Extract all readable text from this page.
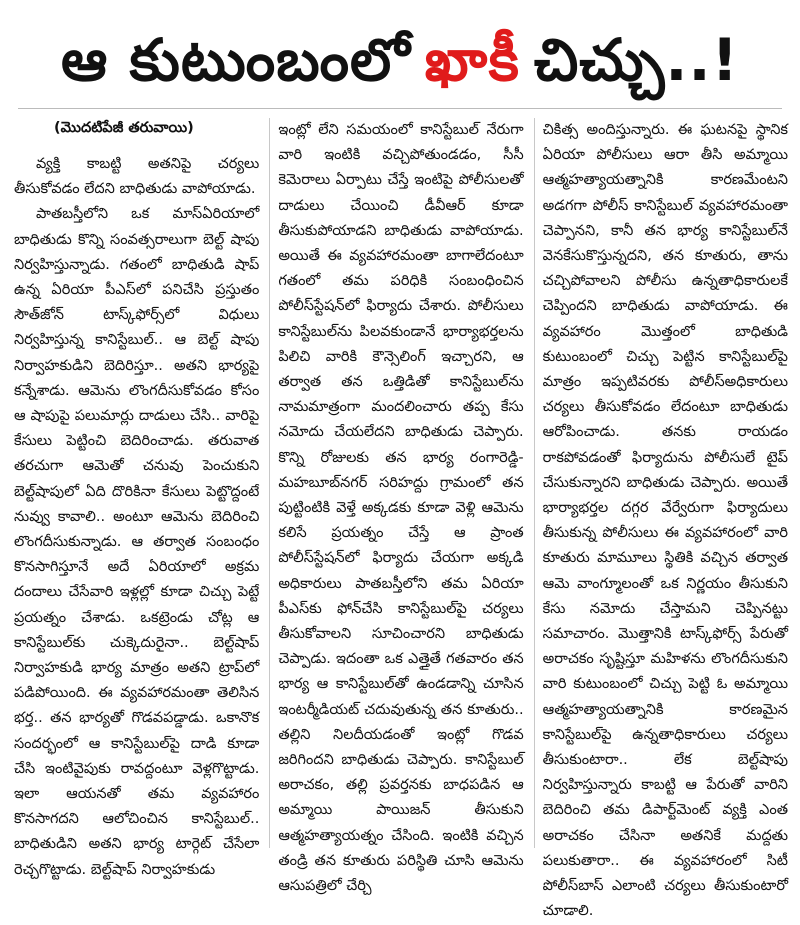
ఆ కుటుంబంలో ఖాకీ చిచ్చు..!

(మొదటిపేజీ తరువాయి)

వ్యక్తి కాబట్టి అతనిపై చర్యలు తీసుకోవడం లేదని బాధితుడు వాపోయాడు.

పాతబస్తీలోని ఒక మాస్‌ఏరియాలో బాధితుడు కొన్ని సంవత్సరాలుగా బెల్ట్‌ షాపు నిర్వహిస్తున్నాడు. గతంలో బాధితుడి షాప్‌ ఉన్న ఏరియా పీఎస్‌లో పనిచేసి ప్రస్తుతం సౌత్‌జోన్‌ టాస్క్‌ఫోర్స్‌లో విధులు నిర్వహిస్తున్న కానిస్టేబుల్‌.. ఆ బెల్ట్‌ షాపు నిర్వాహకుడిని బెదిరిస్తూ.. అతని భార్యపై కన్నేశాడు. ఆమెను లొంగదీసుకోవడం కోసం ఆ షాపుపై పలుమార్లు దాడులు చేసి.. వారిపై కేసులు పెట్టించి బెదిరించాడు. తరువాత తరచుగా ఆమెతో చనువు పెంచుకుని బెల్ట్‌షాపులో ఏది దొరికినా కేసులు పెట్టొద్దంటే నువ్వు కావాలి.. అంటూ ఆమెను బెదిరించి లొంగదీసుకున్నాడు. ఆ తర్వాత సంబంధం కొనసాగిస్తూనే అదే ఏరియాలో అక్రమ దందాలు చేసేవారి ఇళ్లల్లో కూడా చిచ్చు పెట్టే ప్రయత్నం చేశాడు. ఒకట్రెండు చోట్ల ఆ కానిస్టేబుల్‌కు చుక్కెదురైనా.. బెల్ట్‌షాప్‌ నిర్వాహకుడి భార్య మాత్రం అతని ట్రాప్‌లో పడిపోయింది. ఈ వ్యవహారమంతా తెలిసిన భర్త.. తన భార్యతో గొడవపడ్డాడు. ఒకానొక సందర్భంలో ఆ కానిస్టేబుల్‌పై దాడి కూడా చేసి ఇంటివైపుకు రావద్దంటూ వెళ్లగొట్టాడు. ఇలా ఆయనతో తమ వ్యవహారం కొనసాగదని ఆలోచించిన కానిస్టేబుల్‌.. బాధితుడిని అతని భార్య టార్గెట్‌ చేసేలా రెచ్చగొట్టాడు. బెల్ట్‌షాప్‌ నిర్వాహకుడు

ఇంట్లో లేని సమయంలో కానిస్టేబుల్‌ నేరుగా వారి ఇంటికి వచ్చిపోతుండడం, సీసీ కెమెరాలు ఏర్పాటు చేస్తే ఇంటిపై పోలీసులతో దాడులు చేయించి డీవీఆర్‌ కూడా తీసుకుపోయాడని బాధితుడు వాపోయాడు. అయితే ఈ వ్యవహారమంతా బాగాలేదంటూ గతంలో తమ పరిధికి సంబంధించిన పోలీస్‌స్టేషన్‌లో ఫిర్యాదు చేశారు. పోలీసులు కానిస్టేబుల్‌ను పిలవకుండానే భార్యాభర్తలను పిలిచి వారికి కౌన్సెలింగ్‌ ఇచ్చారని, ఆ తర్వాత తన ఒత్తిడితో కానిస్టేబుల్‌ను నామమాత్రంగా మందలించారు తప్ప కేసు నమోదు చేయలేదని బాధితుడు చెప్పారు. కొన్ని రోజులకు తన భార్య రంగారెడ్డి-మహబూబ్‌నగర్‌ సరిహద్దు గ్రామంలో తన పుట్టింటికి వెళ్తే అక్కడకు కూడా వెళ్లి ఆమెను కలిసే ప్రయత్నం చేస్తే ఆ ప్రాంత పోలీస్‌స్టేషన్‌లో ఫిర్యాదు చేయగా అక్కడి అధికారులు పాతబస్తీలోని తమ ఏరియా పీఎస్‌కు ఫోన్‌చేసి కానిస్టేబుల్‌పై చర్యలు తీసుకోవాలని సూచించారని బాధితుడు చెప్పాడు. ఇదంతా ఒక ఎత్తైతే గతవారం తన భార్య ఆ కానిస్టేబుల్‌తో ఉండడాన్ని చూసిన ఇంటర్మీడియట్‌ చదువుతున్న తన కూతురు.. తల్లిని నిలదీయడంతో ఇంట్లో గొడవ జరిగిందని బాధితుడు చెప్పారు. కానిస్టేబుల్‌ అరాచకం, తల్లి ప్రవర్తనకు బాధపడిన ఆ అమ్మాయి పాయిజన్‌ తీసుకుని ఆత్మహత్యాయత్నం చేసింది. ఇంటికి వచ్చిన తండ్రి తన కూతురు పరిస్థితి చూసి ఆమెను ఆసుపత్రిలో చేర్చి

చికిత్స అందిస్తున్నారు. ఈ ఘటనపై స్థానిక ఏరియా పోలీసులు ఆరా తీసి అమ్మాయి ఆత్మహత్యాయత్నానికి కారణమేంటని అడగగా పోలీస్‌ కానిస్టేబుల్‌ వ్యవహారమంతా చెప్పానని, కానీ తన భార్య కానిస్టేబుల్‌నే వెనకేసుకొస్తున్నదని, తన కూతురు, తాను చచ్చిపోవాలని పోలీసు ఉన్నతాధికారులకే చెప్పిందని బాధితుడు వాపోయాడు. ఈ వ్యవహారం మొత్తంలో బాధితుడి కుటుంబంలో చిచ్చు పెట్టిన కానిస్టేబుల్‌పై మాత్రం ఇప్పటివరకు పోలీస్‌అధికారులు చర్యలు తీసుకోవడం లేదంటూ బాధితుడు ఆరోపించాడు. తనకు రాయడం రాకపోవడంతో ఫిర్యాదును పోలీసులే టైప్‌ చేసుకున్నారని బాధితుడు చెప్పారు. అయితే భార్యాభర్తల దగ్గర వేర్వేరుగా ఫిర్యాదులు తీసుకున్న పోలీసులు ఈ వ్యవహారంలో వారి కూతురు మామూలు స్థితికి వచ్చిన తర్వాత ఆమె వాంగ్మూలంతో ఒక నిర్ణయం తీసుకుని కేసు నమోదు చేస్తామని చెప్పినట్టు సమాచారం. మొత్తానికి టాస్క్‌ఫోర్స్‌ పేరుతో అరాచకం సృష్టిస్తూ మహిళను లొంగదీసుకుని వారి కుటుంబంలో చిచ్చు పెట్టి ఓ అమ్మాయి ఆత్మహత్యాయత్నానికి కారణమైన కానిస్టేబుల్‌పై ఉన్నతాధికారులు చర్యలు తీసుకుంటారా.. లేక బెల్ట్‌షాపు నిర్వహిస్తున్నారు కాబట్టి ఆ పేరుతో వారిని బెదిరించి తమ డిపార్ట్‌మెంట్‌ వ్యక్తి ఎంత అరాచకం చేసినా అతనికే మద్దతు పలుకుతారా.. ఈ వ్యవహారంలో సిటీ పోలీస్‌బాస్‌ ఎలాంటి చర్యలు తీసుకుంటారో చూడాలి.
